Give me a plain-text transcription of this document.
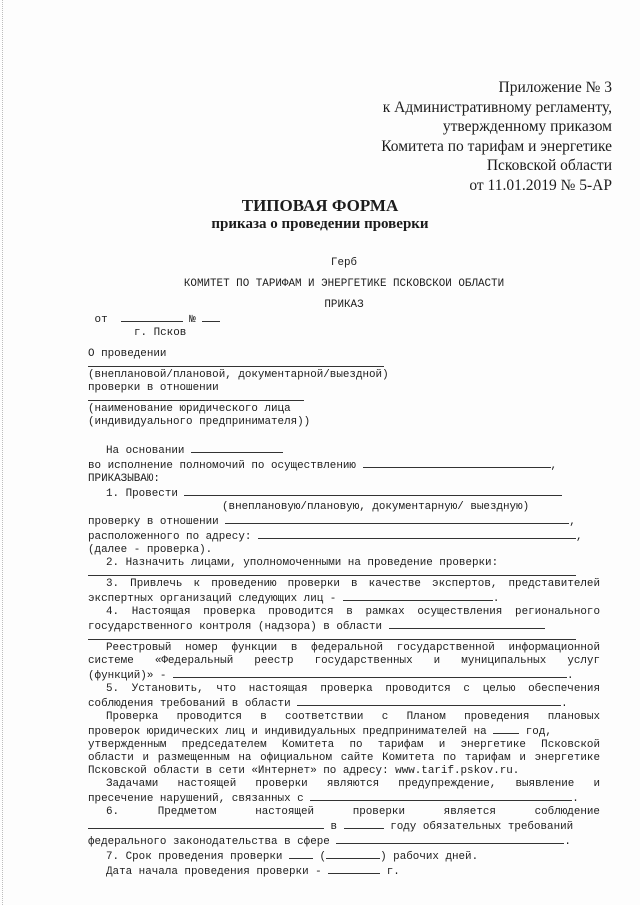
Приложение № 3
к Административному регламенту,
утвержденному приказом
Комитета по тарифам и энергетике
Псковской области
от 11.01.2019 № 5-АР
ТИПОВАЯ ФОРМА
приказа о проведении проверки
Герб
КОМИТЕТ ПО ТАРИФАМ И ЭНЕРГЕТИКЕ ПСКОВСКОЙ ОБЛАСТИ
ПРИКАЗ
от	№
г. Псков
О проведении
(внеплановой/плановой, документарной/выездной)
проверки в отношении
(наименование юридического лица
(индивидуального предпринимателя))
На основании
во исполнение полномочий по осуществлению	,
ПРИКАЗЫВАЮ:
1. Провести
(внеплановую/плановую, документарную/ выездную)
проверку в отношении	,
расположенного по адресу:	,
(далее - проверка).
2. Назначить лицами, уполномоченными на проведение проверки:
3. Привлечь к проведению проверки в качестве экспертов, представителей
экспертных организаций следующих лиц -	.
4. Настоящая проверка проводится в рамках осуществления регионального
государственного контроля (надзора) в области
Реестровый номер функции в федеральной государственной информационной
системе «Федеральный реестр государственных и муниципальных услуг
(функций)» -	.
5. Установить, что настоящая проверка проводится с целью обеспечения
соблюдения требований в области	.
Проверка проводится в соответствии с Планом проведения плановых
проверок юридических лиц и индивидуальных предпринимателей на	год,
утвержденным председателем Комитета по тарифам и энергетике Псковской
области и размещенным на официальном сайте Комитета по тарифам и энергетике
Псковской области в сети «Интернет» по адресу: www.tarif.pskov.ru.
Задачами настоящей проверки являются предупреждение, выявление и
пресечение нарушений, связанных с	.
6.	Предметом	настоящей	проверки	является	соблюдение
в	году обязательных требований
федерального законодательства в сфере	.
7. Срок проведения проверки	(	) рабочих дней.
Дата начала проведения проверки -	г.
